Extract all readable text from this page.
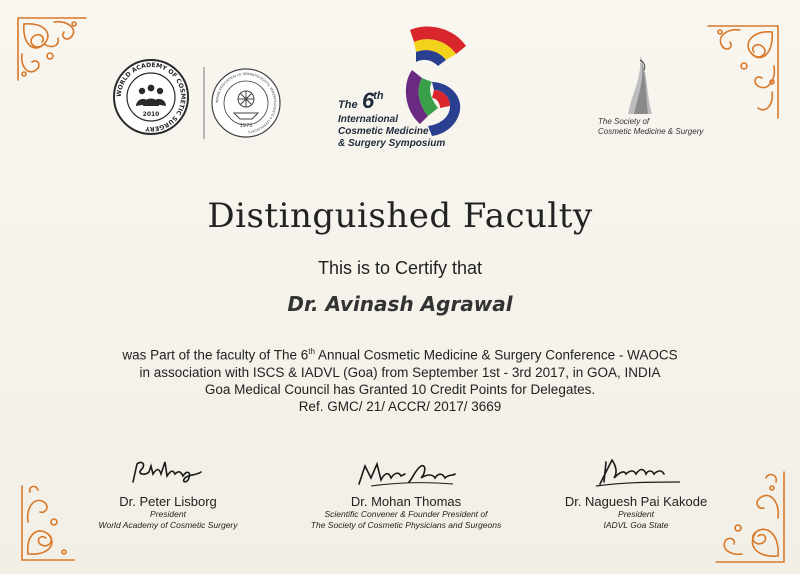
WORLD ACADEMY OF COSMETIC SURGERY
2010
INDIAN ASSOCIATION OF DERMATOLOGISTS, VENEREOLOGISTS & LEPROLOGISTS
1973
The 6th
International
Cosmetic Medicine
& Surgery Symposium
The Society of
Cosmetic Medicine & Surgery
Distinguished Faculty
This is to Certify that
Dr. Avinash Agrawal
was Part of the faculty of The 6th Annual Cosmetic Medicine & Surgery Conference - WAOCS
in association with ISCS & IADVL (Goa) from September 1st - 3rd 2017, in GOA, INDIA
Goa Medical Council has Granted 10 Credit Points for Delegates.
Ref. GMC/ 21/ ACCR/ 2017/ 3669
Dr. Peter Lisborg
President
World Academy of Cosmetic Surgery
Dr. Mohan Thomas
Scientific Convener & Founder President of
The Society of Cosmetic Physicians and Surgeons
Dr. Naguesh Pai Kakode
President
IADVL Goa State
